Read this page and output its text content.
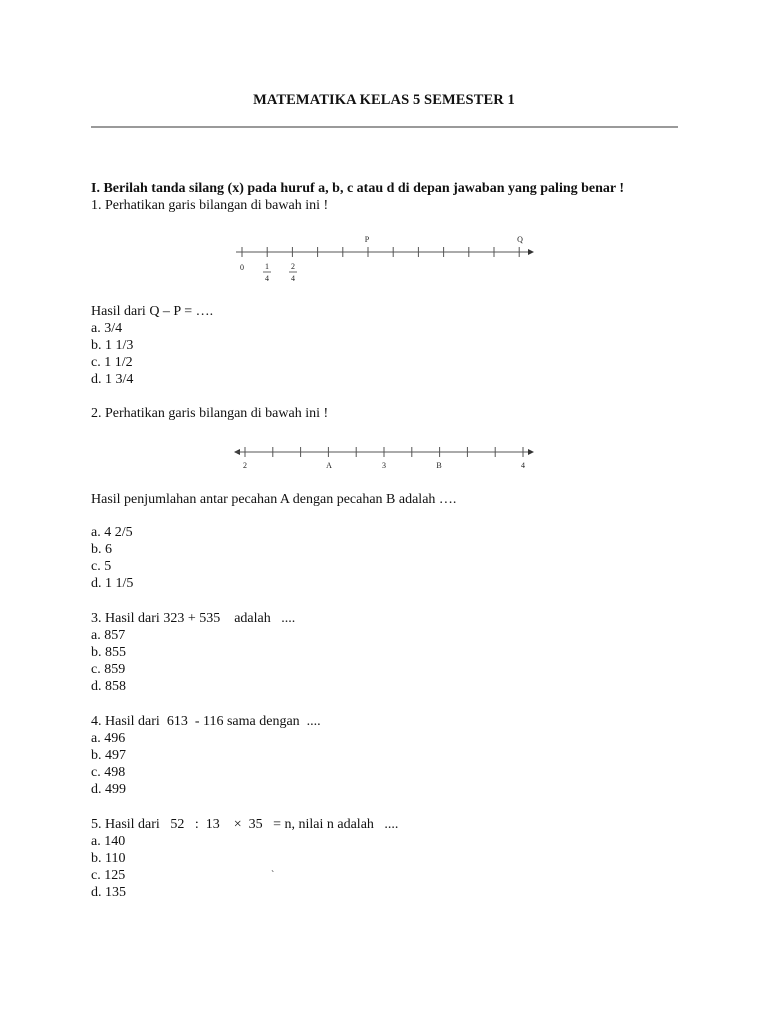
MATEMATIKA KELAS 5 SEMESTER 1
I. Berilah tanda silang (x) pada huruf a, b, c atau d di depan jawaban yang paling benar !
1. Perhatikan garis bilangan di bawah ini !
P	Q
0	1
4
2
4
Hasil dari Q – P = ….
a. 3/4
b. 1 1/3
c. 1 1/2
d. 1 3/4
2. Perhatikan garis bilangan di bawah ini !
2	A	3	B	4
Hasil penjumlahan antar pecahan A dengan pecahan B adalah ….
a. 4 2/5
b. 6
c. 5
d. 1 1/5
3. Hasil dari 323 + 535    adalah   ....
a. 857
b. 855
c. 859
d. 858
4. Hasil dari  613  - 116 sama dengan  ....
a. 496
b. 497
c. 498
d. 499
5. Hasil dari   52   :  13    ×  35   = n, nilai n adalah   ....
a. 140
b. 110
c. 125
d. 135
`
